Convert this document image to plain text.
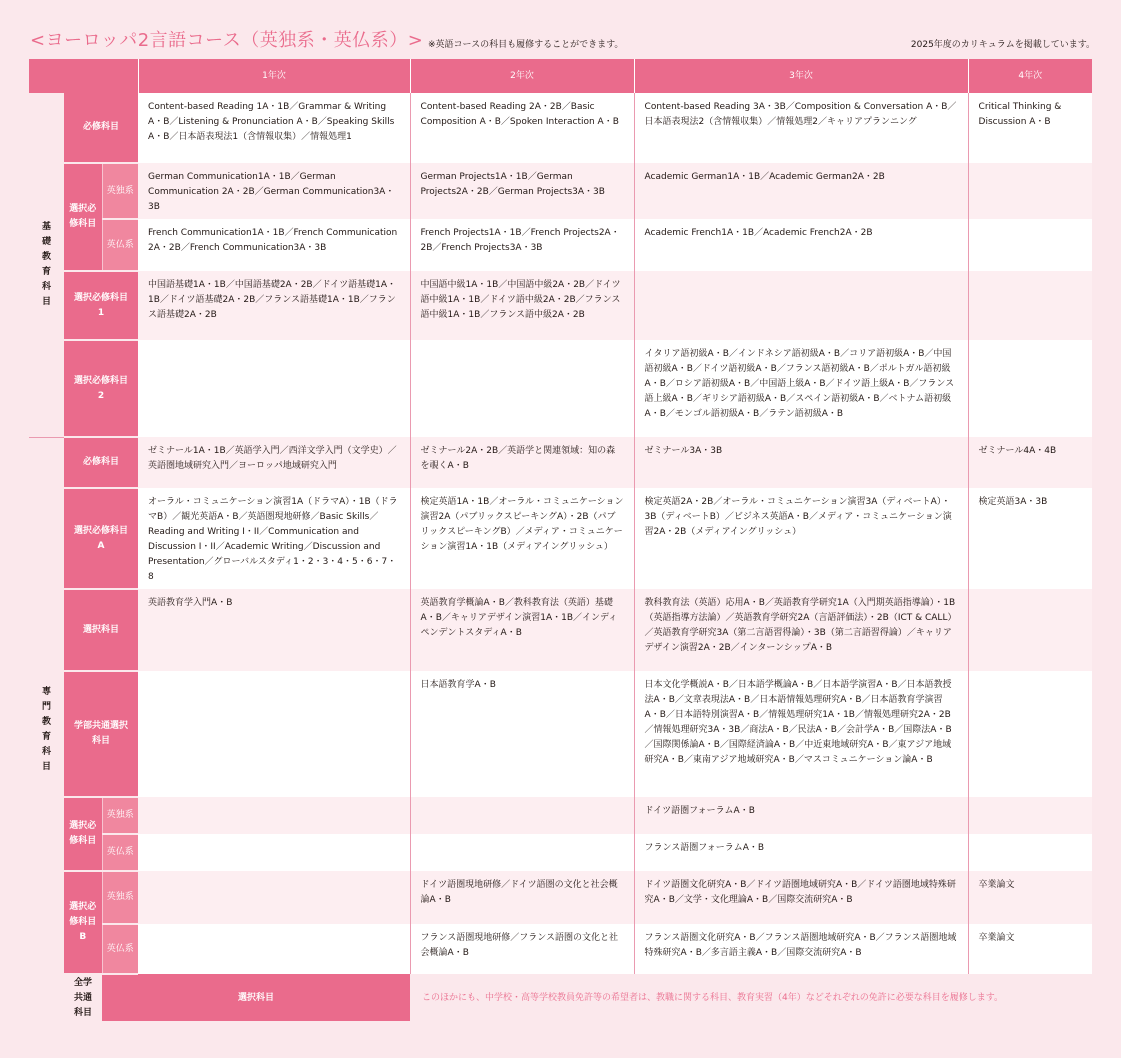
<ヨーロッパ2言語コース（英独系・英仏系）> ※英語コースの科目も履修することができます。	2025年度のカリキュラムを掲載しています。
			1年次	2年次	3年次	4年次
基礎教育科目	必修科目		Content-based Reading 1A・1B／Grammar & Writing A・B／Listening & Pronunciation A・B／Speaking Skills A・B／日本語表現法1（含情報収集）／情報処理1	Content-based Reading 2A・2B／Basic Composition A・B／Spoken Interaction A・B	Content-based Reading 3A・3B／Composition & Conversation A・B／日本語表現法2（含情報収集）／情報処理2／キャリアプランニング	Critical Thinking & Discussion A・B
	選択必修科目	英独系	German Communication1A・1B／German Communication 2A・2B／German Communication3A・3B	German Projects1A・1B／German Projects2A・2B／German Projects3A・3B	Academic German1A・1B／Academic German2A・2B	
		英仏系	French Communication1A・1B／French Communication 2A・2B／French Communication3A・3B	French Projects1A・1B／French Projects2A・2B／French Projects3A・3B	Academic French1A・1B／Academic French2A・2B	
	選択必修科目1		中国語基礎1A・1B／中国語基礎2A・2B／ドイツ語基礎1A・1B／ドイツ語基礎2A・2B／フランス語基礎1A・1B／フランス語基礎2A・2B	中国語中級1A・1B／中国語中級2A・2B／ドイツ語中級1A・1B／ドイツ語中級2A・2B／フランス語中級1A・1B／フランス語中級2A・2B		
	選択必修科目2				イタリア語初級A・B／インドネシア語初級A・B／コリア語初級A・B／中国語初級A・B／ドイツ語初級A・B／フランス語初級A・B／ポルトガル語初級A・B／ロシア語初級A・B／中国語上級A・B／ドイツ語上級A・B／フランス語上級A・B／ギリシア語初級A・B／スペイン語初級A・B／ベトナム語初級A・B／モンゴル語初級A・B／ラテン語初級A・B	
専門教育科目	必修科目		ゼミナール1A・1B／英語学入門／西洋文学入門（文学史）／英語圏地域研究入門／ヨーロッパ地域研究入門	ゼミナール2A・2B／英語学と関連領域：知の森を覗くA・B	ゼミナール3A・3B	ゼミナール4A・4B
	選択必修科目A		オーラル・コミュニケーション演習1A（ドラマA）・1B（ドラマB）／観光英語A・B／英語圏現地研修／Basic Skills／Reading and Writing I・II／Communication and Discussion I・II／Academic Writing／Discussion and Presentation／グローバルスタディ1・2・3・4・5・6・7・8	検定英語1A・1B／オーラル・コミュニケーション演習2A（パブリックスピーキングA）・2B（パブリックスピーキングB）／メディア・コミュニケーション演習1A・1B（メディアイングリッシュ）	検定英語2A・2B／オーラル・コミュニケーション演習3A（ディベートA）・3B（ディベートB）／ビジネス英語A・B／メディア・コミュニケーション演習2A・2B（メディアイングリッシュ）	検定英語3A・3B
	選択科目		英語教育学入門A・B	英語教育学概論A・B／教科教育法（英語）基礎A・B／キャリアデザイン演習1A・1B／インディペンデントスタディA・B	教科教育法（英語）応用A・B／英語教育学研究1A（入門期英語指導論）・1B（英語指導方法論）／英語教育学研究2A（言語評価法）・2B（ICT & CALL）／英語教育学研究3A（第二言語習得論）・3B（第二言語習得論）／キャリアデザイン演習2A・2B／インターンシップA・B	
	学部共通選択科目			日本語教育学A・B	日本文化学概説A・B／日本語学概論A・B／日本語学演習A・B／日本語教授法A・B／文章表現法A・B／日本語情報処理研究A・B／日本語教育学演習A・B／日本語特別演習A・B／情報処理研究1A・1B／情報処理研究2A・2B／情報処理研究3A・3B／商法A・B／民法A・B／会計学A・B／国際法A・B／国際関係論A・B／国際経済論A・B／中近東地域研究A・B／東アジア地域研究A・B／東南アジア地域研究A・B／マスコミュニケーション論A・B	
	選択必修科目	英独系			ドイツ語圏フォーラムA・B	
		英仏系			フランス語圏フォーラムA・B	
	選択必修科目B	英独系		ドイツ語圏現地研修／ドイツ語圏の文化と社会概論A・B	ドイツ語圏文化研究A・B／ドイツ語圏地域研究A・B／ドイツ語圏地域特殊研究A・B／文学・文化理論A・B／国際交流研究A・B	卒業論文
		英仏系		フランス語圏現地研修／フランス語圏の文化と社会概論A・B	フランス語圏文化研究A・B／フランス語圏地域研究A・B／フランス語圏地域特殊研究A・B／多言語主義A・B／国際交流研究A・B	卒業論文
	全学共通科目	選択科目		このほかにも、中学校・高等学校教員免許等の希望者は、教職に関する科目、教育実習（4年）などそれぞれの免許に必要な科目を履修します。		
